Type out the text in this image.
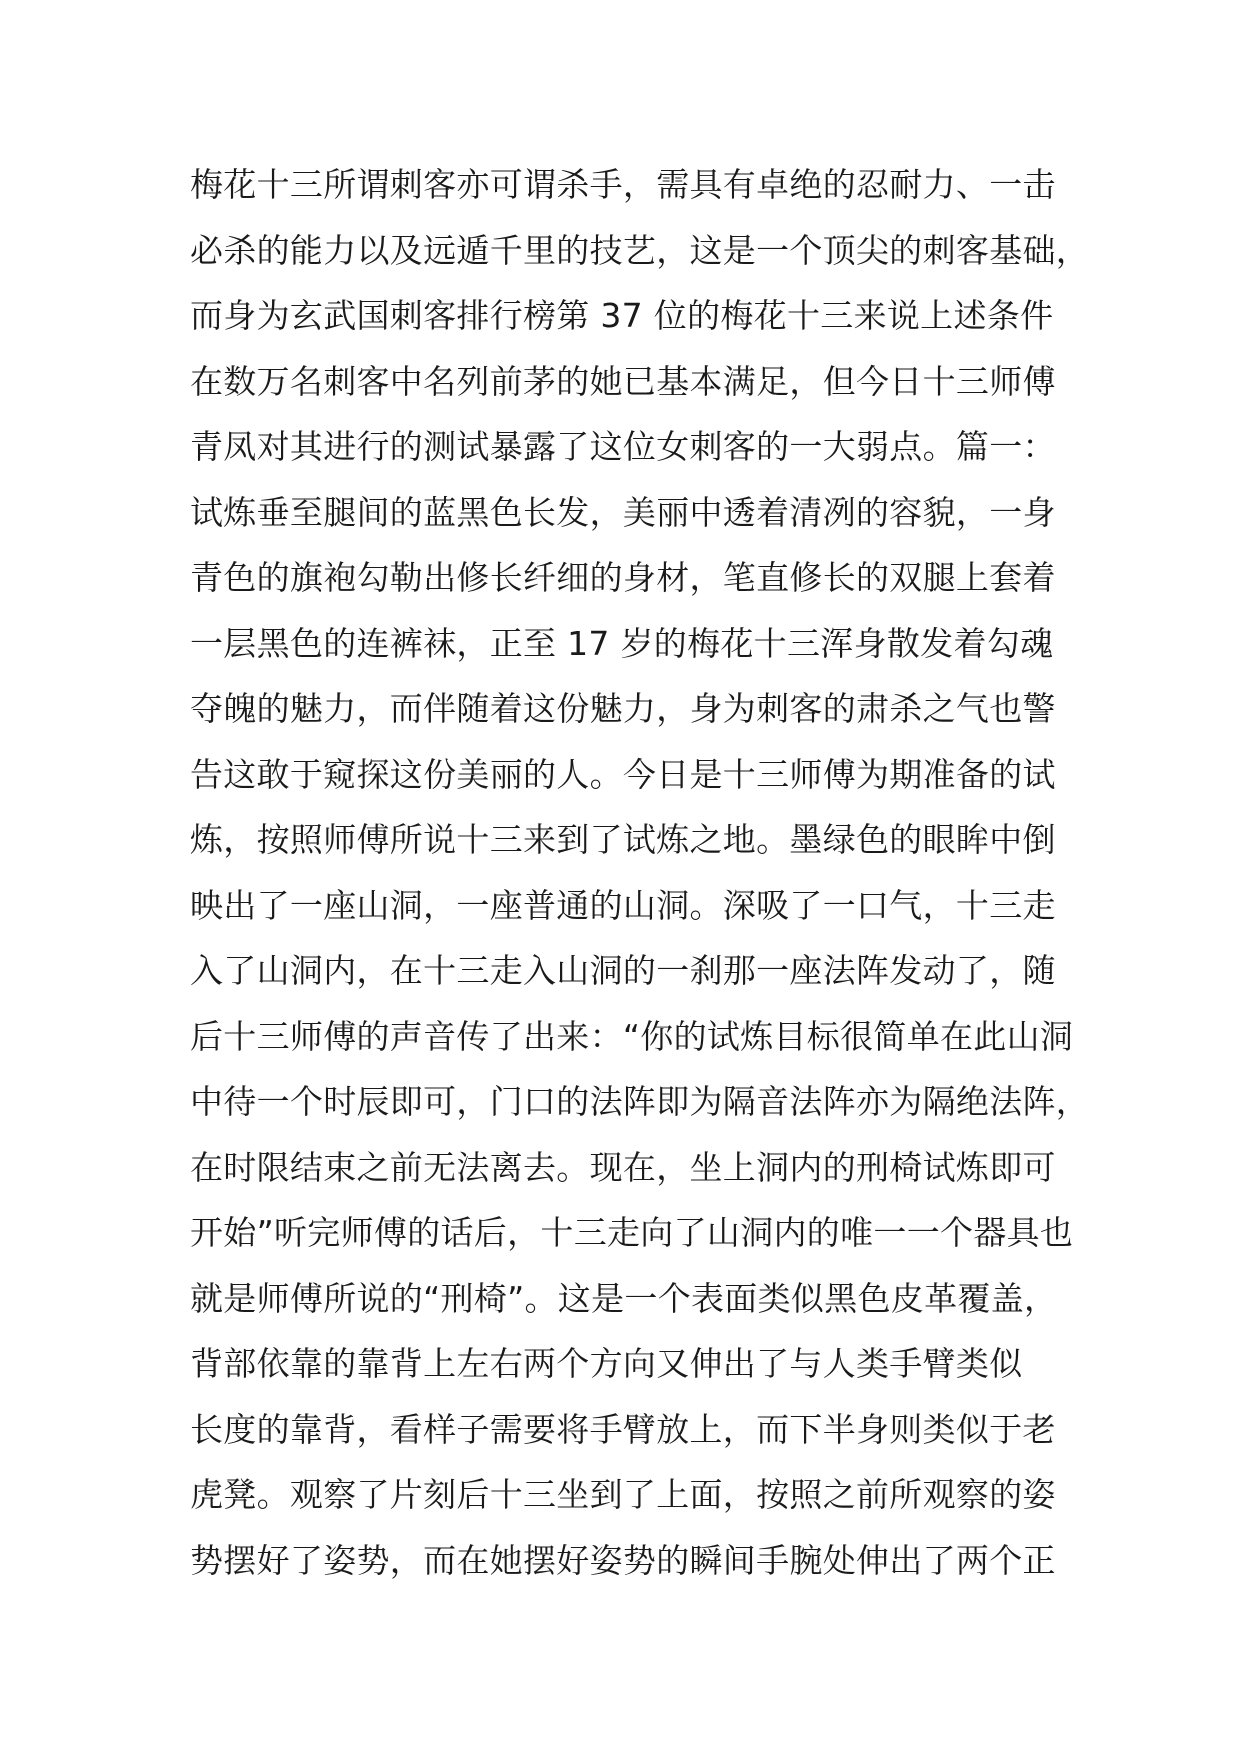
梅花十三所谓刺客亦可谓杀手，需具有卓绝的忍耐力、一击
必杀的能力以及远遁千里的技艺，这是一个顶尖的刺客基础，
而身为玄武国刺客排行榜第 37 位的梅花十三来说上述条件
在数万名刺客中名列前茅的她已基本满足，但今日十三师傅
青凤对其进行的测试暴露了这位女刺客的一大弱点。篇一：
试炼垂至腿间的蓝黑色长发，美丽中透着清冽的容貌，一身
青色的旗袍勾勒出修长纤细的身材，笔直修长的双腿上套着
一层黑色的连裤袜，正至 17 岁的梅花十三浑身散发着勾魂
夺魄的魅力，而伴随着这份魅力，身为刺客的肃杀之气也警
告这敢于窥探这份美丽的人。今日是十三师傅为期准备的试
炼，按照师傅所说十三来到了试炼之地。墨绿色的眼眸中倒
映出了一座山洞，一座普通的山洞。深吸了一口气，十三走
入了山洞内，在十三走入山洞的一刹那一座法阵发动了，随
后十三师傅的声音传了出来：“你的试炼目标很简单在此山洞
中待一个时辰即可，门口的法阵即为隔音法阵亦为隔绝法阵，
在时限结束之前无法离去。现在，坐上洞内的刑椅试炼即可
开始”听完师傅的话后，十三走向了山洞内的唯一一个器具也
就是师傅所说的“刑椅”。这是一个表面类似黑色皮革覆盖，
背部依靠的靠背上左右两个方向又伸出了与人类手臂类似
长度的靠背，看样子需要将手臂放上，而下半身则类似于老
虎凳。观察了片刻后十三坐到了上面，按照之前所观察的姿
势摆好了姿势，而在她摆好姿势的瞬间手腕处伸出了两个正
